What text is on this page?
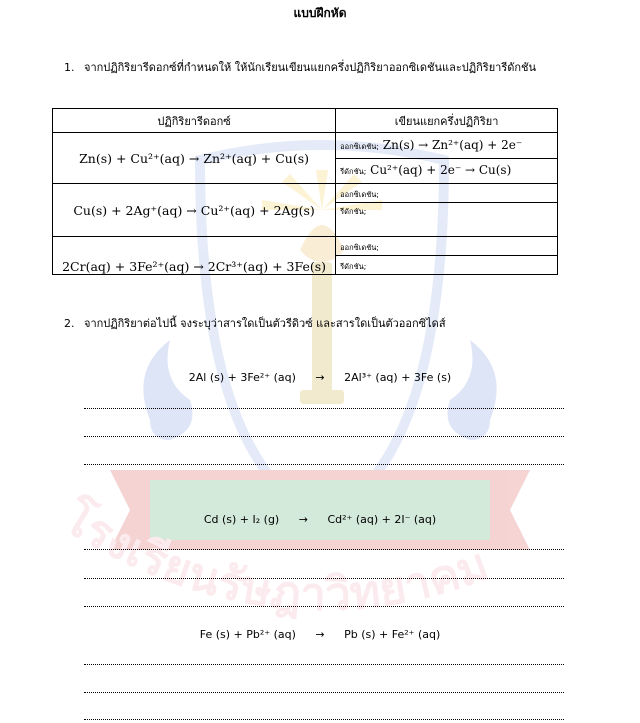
โรงเรียนรัษฎาวิทยาคม
แบบฝึกหัด
1. จากปฏิกิริยารีดอกซ์ที่กำหนดให้ ให้นักเรียนเขียนแยกครึ่งปฏิกิริยาออกซิเดชันและปฏิกิริยารีดักชัน
ปฏิกิริยารีดอกซ์	เขียนแยกครึ่งปฏิกิริยา
Zn(s) + Cu²⁺(aq) → Zn²⁺(aq) + Cu(s)	ออกซิเดชัน; Zn(s) → Zn²⁺(aq) + 2e⁻
	รีดักชัน; Cu²⁺(aq) + 2e⁻ → Cu(s)
Cu(s) + 2Ag⁺(aq) → Cu²⁺(aq) + 2Ag(s)	ออกซิเดชัน;
	รีดักชัน;
2Cr(aq) + 3Fe²⁺(aq) → 2Cr³⁺(aq) + 3Fe(s)	ออกซิเดชัน;
	รีดักชัน;
2. จากปฏิกิริยาต่อไปนี้ จงระบุว่าสารใดเป็นตัวรีดิวซ์ และสารใดเป็นตัวออกซิไดส์
2Al (s) + 3Fe²⁺ (aq) → 2Al³⁺ (aq) + 3Fe (s)
Cd (s) + I₂ (g) → Cd²⁺ (aq) + 2I⁻ (aq)
Fe (s) + Pb²⁺ (aq) → Pb (s) + Fe²⁺ (aq)
